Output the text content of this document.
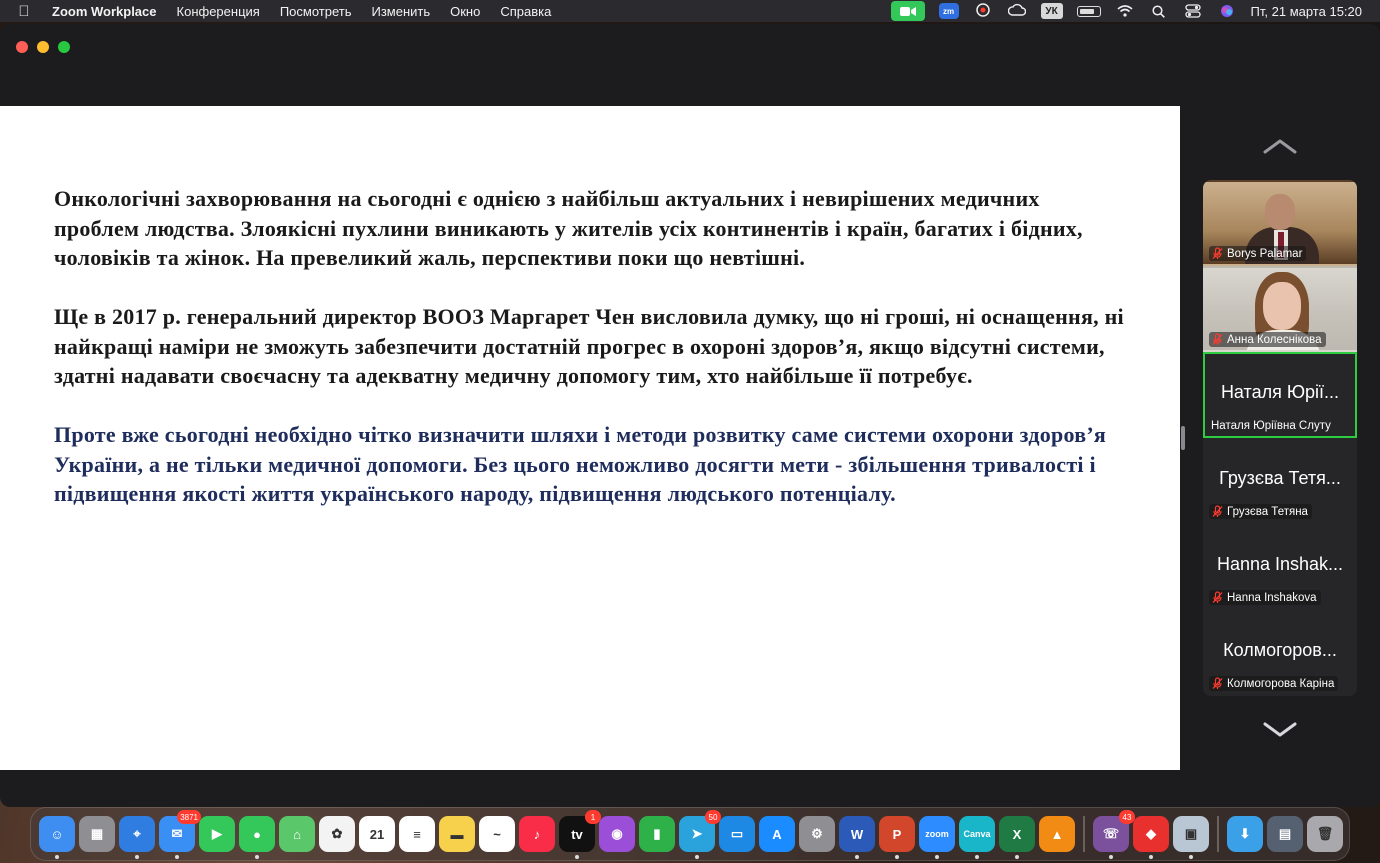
Zoom Workplace Конференция Посмотреть Изменить Окно Справка	zm	УК	Пт, 21 марта 15:20

Онкологічні захворювання на сьогодні є однією з найбільш актуальних і невирішених медичних проблем людства. Злоякісні пухлини виникають у жителів усіх континентів і країн, багатих і бідних, чоловіків та жінок. На превеликий жаль, перспективи поки що невтішні.

Ще в 2017 р. генеральний директор ВООЗ Маргарет Чен висловила думку, що ні гроші, ні оснащення, ні найкращі наміри не зможуть забезпечити достатній прогрес в охороні здоров’я, якщо відсутні системи, здатні надавати своєчасну та адекватну медичну допомогу тим, хто найбільше її потребує.

Проте вже сьогодні необхідно чітко визначити шляхи і методи розвитку саме системи охорони здоров’я України, а не тільки медичної допомоги. Без цього неможливо досягти мети - збільшення тривалості і підвищення якості життя українського народу, підвищення людського потенціалу.

Borys Palamar
Анна Колеснікова
Наталя Юрії...
Наталя Юріївна Слуту
Грузєва Тетя...
Грузєва Тетяна
Hanna Inshak...
Hanna Inshakova
Колмогоров...
Колмогорова Каріна
☺ ▦ ⌖ ✉
3871
▶ ● ⌂ ✿ 21 ≡ ▬ ~	♪ tv
1
◉ ▮ ➤
50
▭ A ⚙ W P	zoom Canva X ▲	☏
43
◆ ▣	⬇ ▤ 🗑
